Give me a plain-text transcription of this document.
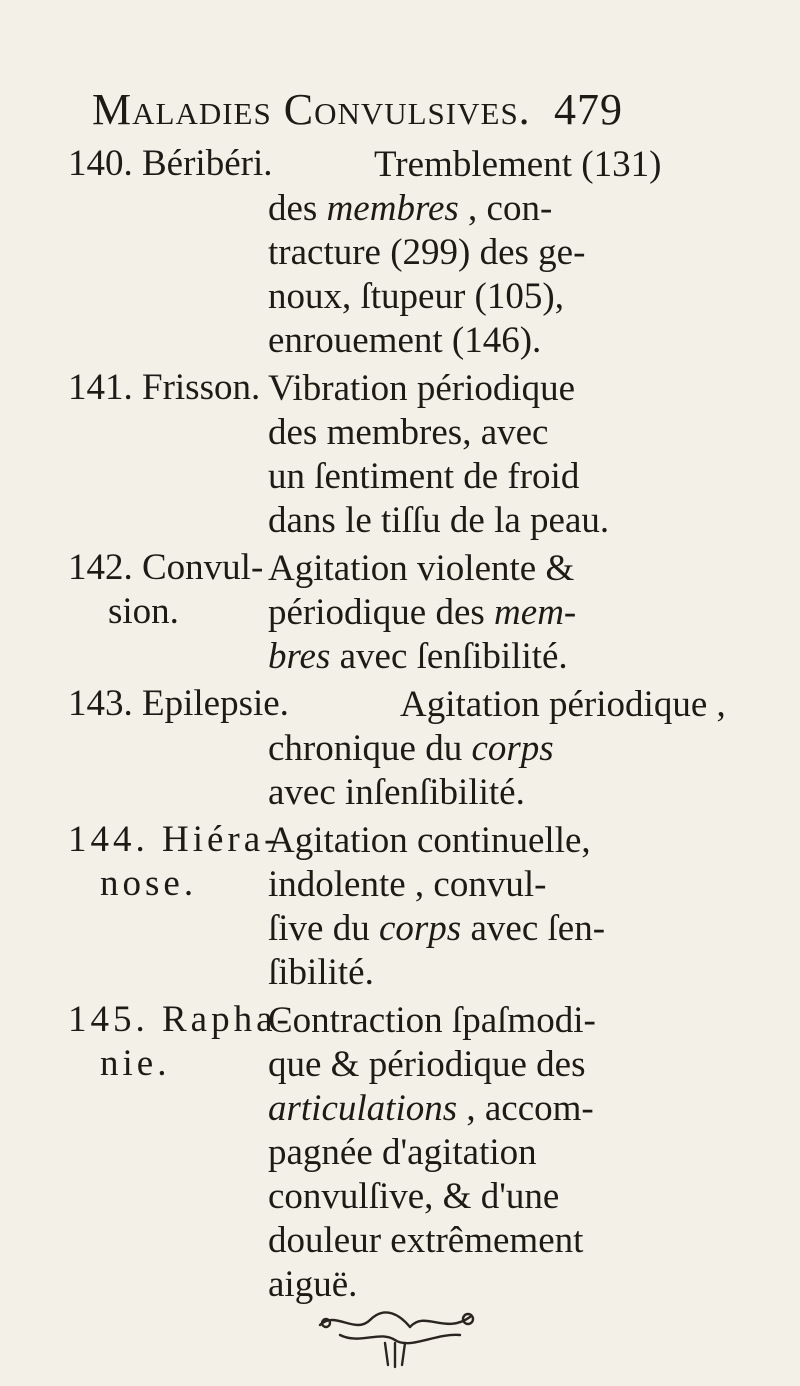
Maladies Convulsives. 479
140. Béribéri.	Tremblement (131)
des membres , con-
tracture (299) des ge-
noux, ſtupeur (105),
enrouement (146).
141. Frisson. Vibration périodique
des membres, avec
un ſentiment de froid
dans le tiſſu de la peau.
142. Convul-
sion.
Agitation violente &
périodique des mem-
bres avec ſenſibilité.
143. Epilepsie.	Agitation périodique ,
chronique du corps
avec inſenſibilité.
144. Hiéra-
nose.
Agitation continuelle,
indolente , convul-
ſive du corps avec ſen-
ſibilité.
145. Rapha-
nie.
Contraction ſpaſmodi-
que & périodique des
articulations , accom-
pagnée d'agitation
convulſive, & d'une
douleur extrêmement
aiguë.
